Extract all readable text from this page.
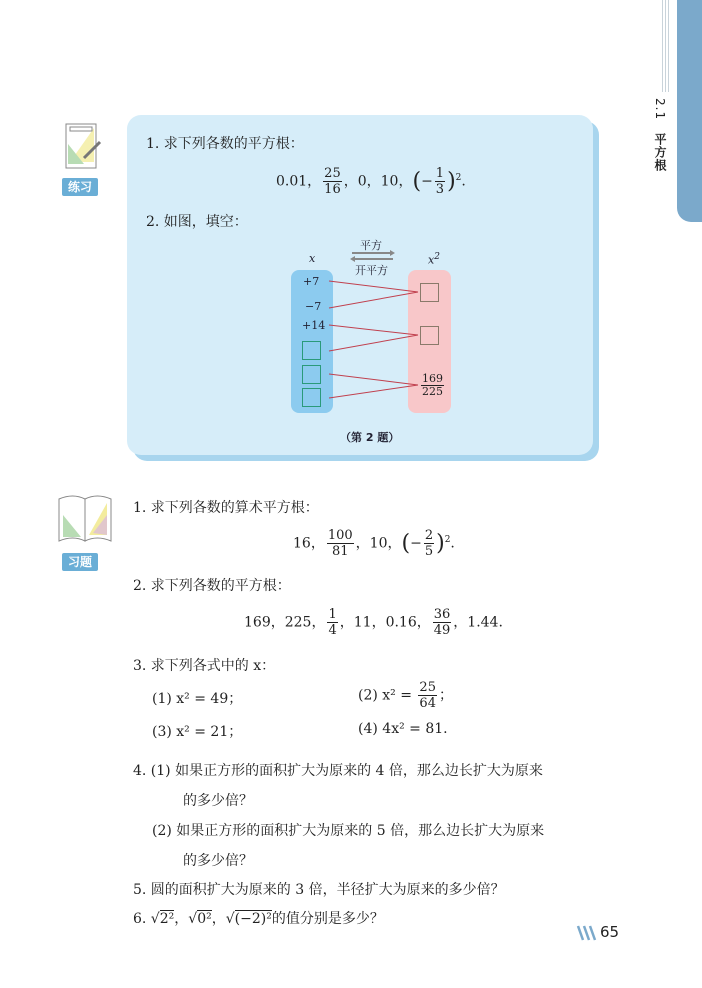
2.1　平方根
练习
1. 求下列各数的平方根：
0.01， $\frac{25}{16}$ ，0，10，(− $\frac{1}{3} )^2$.
2. 如图，填空：
x	$x^2$
平方
开平方
+7
−7
+14
$\frac{169}{225}$
（第 2 题）
习题
1. 求下列各数的算术平方根：
16， $\frac{100}{81}$ ，10，(− $\frac{2}{5} )^2$.
2. 求下列各数的平方根：
169，225， $\frac{1}{4}$ ，11，0.16， $\frac{36}{49}$ ，1.44.
3. 求下列各式中的 x：
(1) x² = 49；	(2) $x^2 = \frac{25}{64}$ ；
(3) x² = 21；	(4) 4x² = 81.
4. (1) 如果正方形的面积扩大为原来的 4 倍，那么边长扩大为原来
的多少倍？
(2) 如果正方形的面积扩大为原来的 5 倍，那么边长扩大为原来
的多少倍？
5. 圆的面积扩大为原来的 3 倍，半径扩大为原来的多少倍？
6. √2²，√0²，√(−2)²的值分别是多少？
65
